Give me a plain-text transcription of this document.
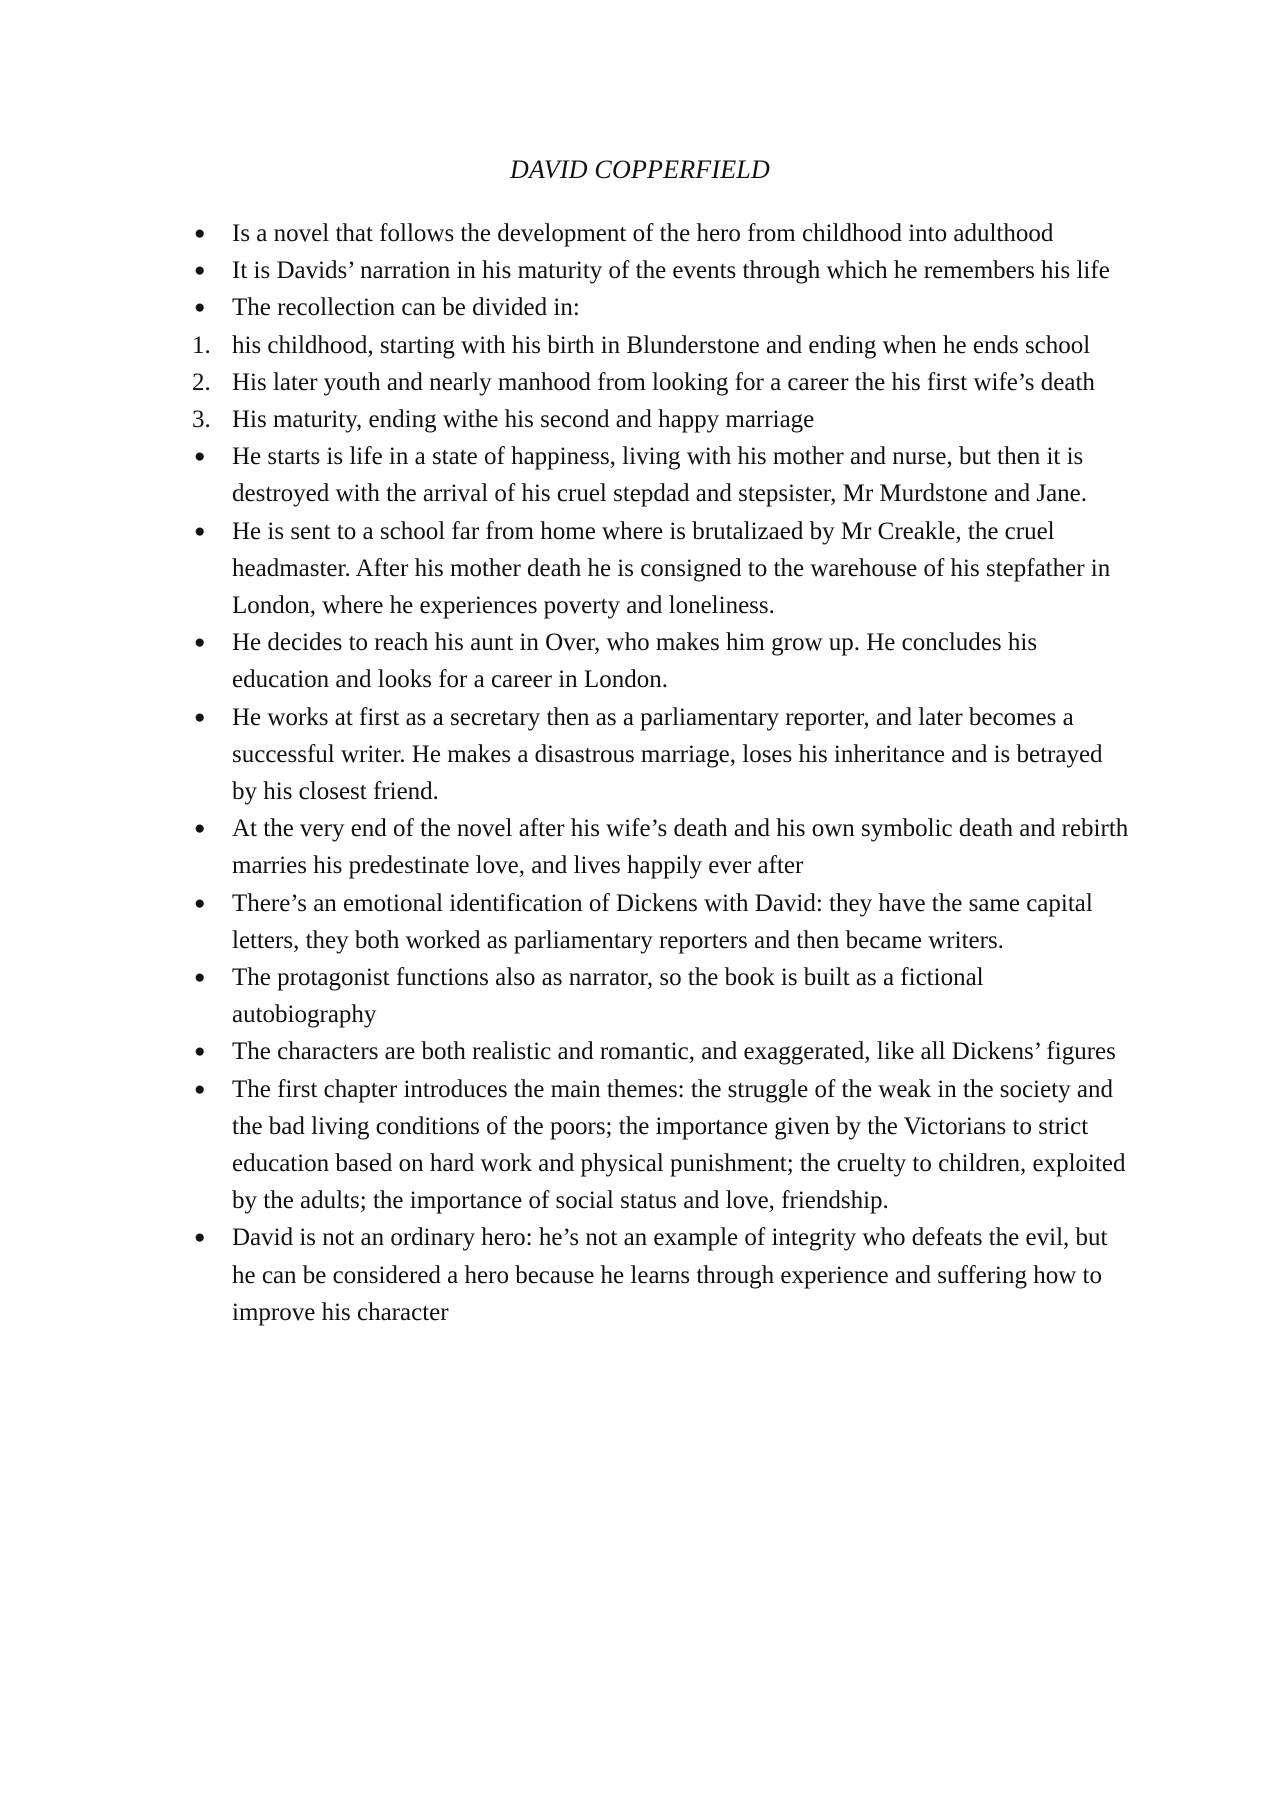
DAVID COPPERFIELD
●	Is a novel that follows the development of the hero from childhood into adulthood
●	It is Davids’ narration in his maturity of the events through which he remembers his life
●	The recollection can be divided in:
1. his childhood, starting with his birth in Blunderstone and ending when he ends school
2. His later youth and nearly manhood from looking for a career the his first wife’s death
3. His maturity, ending withe his second and happy marriage
●	He starts is life in a state of happiness, living with his mother and nurse, but then it is destroyed with the arrival of his cruel stepdad and stepsister, Mr Murdstone and Jane.
●	He is sent to a school far from home where is brutalizaed by Mr Creakle, the cruel headmaster. After his mother death he is consigned to the warehouse of his stepfather in London, where he experiences poverty and loneliness.
●	He decides to reach his aunt in Over, who makes him grow up. He concludes his education and looks for a career in London.
●	He works at first as a secretary then as a parliamentary reporter, and later becomes a successful writer. He makes a disastrous marriage, loses his inheritance and is betrayed by his closest friend.
●	At the very end of the novel after his wife’s death and his own symbolic death and rebirth marries his predestinate love, and lives happily ever after
●	There’s an emotional identification of Dickens with David: they have the same capital letters, they both worked as parliamentary reporters and then became writers.
●	The protagonist functions also as narrator, so the book is built as a fictional autobiography
●	The characters are both realistic and romantic, and exaggerated, like all Dickens’ figures
●	The first chapter introduces the main themes: the struggle of the weak in the society and the bad living conditions of the poors; the importance given by the Victorians to strict education based on hard work and physical punishment; the cruelty to children, exploited by the adults; the importance of social status and love, friendship.
●	David is not an ordinary hero: he’s not an example of integrity who defeats the evil, but he can be considered a hero because he learns through experience and suffering how to improve his character
